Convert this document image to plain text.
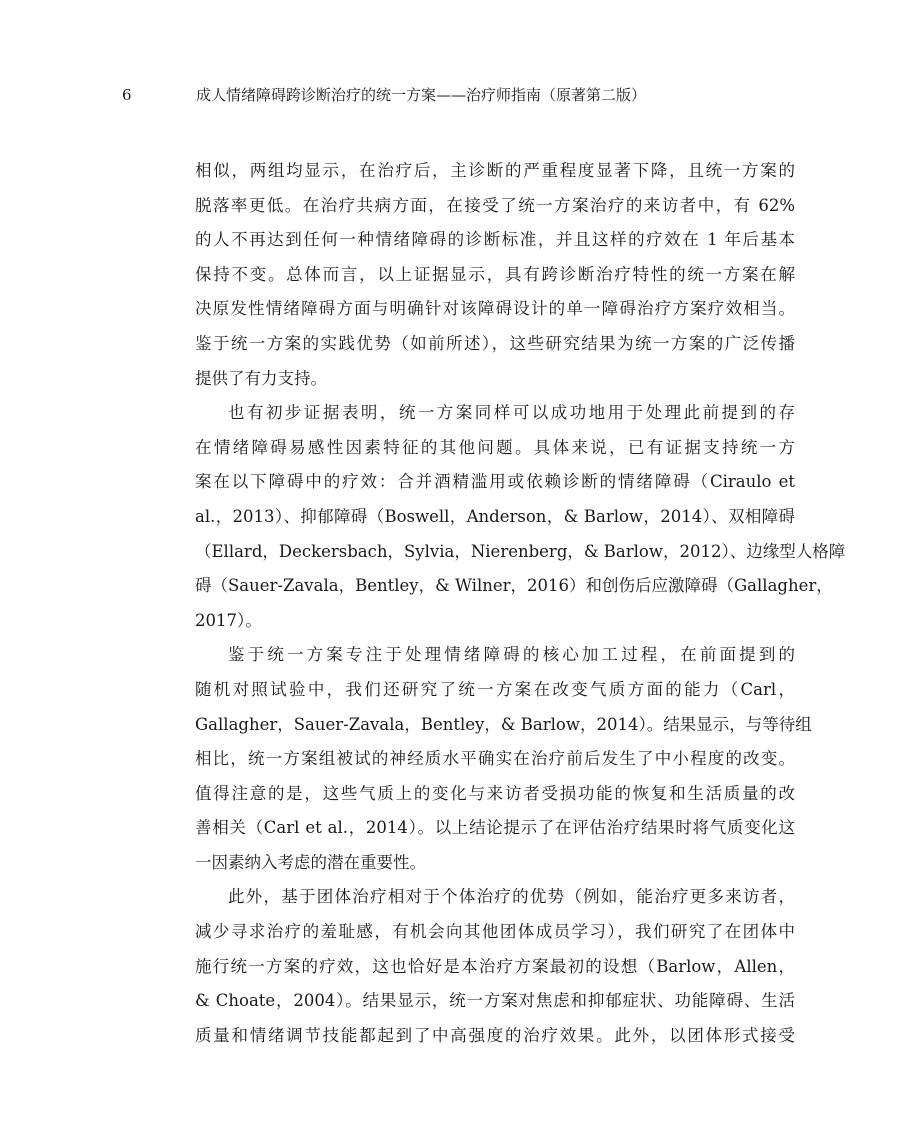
6	成人情绪障碍跨诊断治疗的统一方案——治疗师指南（原著第二版）
相似，两组均显示，在治疗后，主诊断的严重程度显著下降，且统一方案的
脱落率更低。在治疗共病方面，在接受了统一方案治疗的来访者中，有 62%
的人不再达到任何一种情绪障碍的诊断标准，并且这样的疗效在 1 年后基本
保持不变。总体而言，以上证据显示，具有跨诊断治疗特性的统一方案在解
决原发性情绪障碍方面与明确针对该障碍设计的单一障碍治疗方案疗效相当。
鉴于统一方案的实践优势（如前所述），这些研究结果为统一方案的广泛传播
提供了有力支持。
也有初步证据表明，统一方案同样可以成功地用于处理此前提到的存
在情绪障碍易感性因素特征的其他问题。具体来说，已有证据支持统一方
案在以下障碍中的疗效：合并酒精滥用或依赖诊断的情绪障碍（Ciraulo et
al.，2013）、抑郁障碍（Boswell，Anderson，& Barlow，2014）、双相障碍
（Ellard，Deckersbach，Sylvia，Nierenberg，& Barlow，2012）、边缘型人格障
碍（Sauer-Zavala，Bentley，& Wilner，2016）和创伤后应激障碍（Gallagher，
2017）。
鉴于统一方案专注于处理情绪障碍的核心加工过程，在前面提到的
随机对照试验中，我们还研究了统一方案在改变气质方面的能力（Carl，
Gallagher，Sauer-Zavala，Bentley，& Barlow，2014）。结果显示，与等待组
相比，统一方案组被试的神经质水平确实在治疗前后发生了中小程度的改变。
值得注意的是，这些气质上的变化与来访者受损功能的恢复和生活质量的改
善相关（Carl et al.，2014）。以上结论提示了在评估治疗结果时将气质变化这
一因素纳入考虑的潜在重要性。
此外，基于团体治疗相对于个体治疗的优势（例如，能治疗更多来访者，
减少寻求治疗的羞耻感，有机会向其他团体成员学习），我们研究了在团体中
施行统一方案的疗效，这也恰好是本治疗方案最初的设想（Barlow，Allen，
& Choate，2004）。结果显示，统一方案对焦虑和抑郁症状、功能障碍、生活
质量和情绪调节技能都起到了中高强度的治疗效果。此外，以团体形式接受
